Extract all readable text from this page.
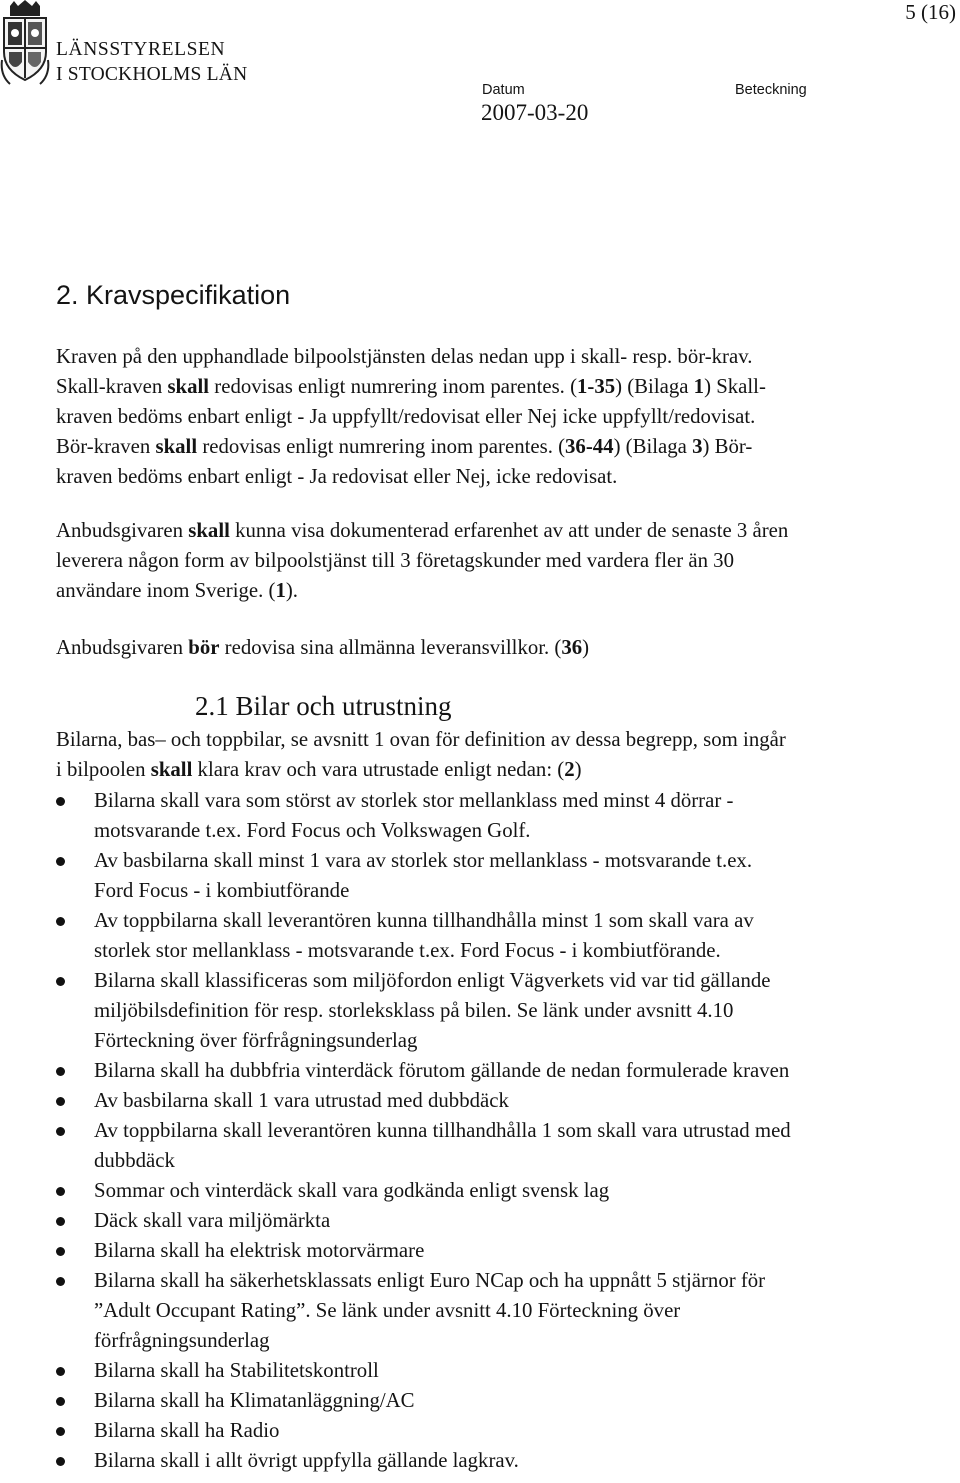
5 (16)
LÄNSSTYRELSEN
I STOCKHOLMS LÄN
Datum	Beteckning
2007-03-20
2. Kravspecifikation
Kraven på den upphandlade bilpoolstjänsten delas nedan upp i skall- resp. bör-krav.
Skall-kraven skall redovisas enligt numrering inom parentes. (1-35) (Bilaga 1) Skall-
kraven bedöms enbart enligt - Ja uppfyllt/redovisat eller Nej icke uppfyllt/redovisat.
Bör-kraven skall redovisas enligt numrering inom parentes. (36-44) (Bilaga 3) Bör-
kraven bedöms enbart enligt - Ja redovisat eller Nej, icke redovisat.
Anbudsgivaren skall kunna visa dokumenterad erfarenhet av att under de senaste 3 åren
leverera någon form av bilpoolstjänst till 3 företagskunder med vardera fler än 30
användare inom Sverige. (1).
Anbudsgivaren bör redovisa sina allmänna leveransvillkor. (36)
2.1 Bilar och utrustning
Bilarna, bas– och toppbilar, se avsnitt 1 ovan för definition av dessa begrepp, som ingår
i bilpoolen skall klara krav och vara utrustade enligt nedan: (2)
Bilarna skall vara som störst av storlek stor mellanklass med minst 4 dörrar -
motsvarande t.ex. Ford Focus och Volkswagen Golf.
Av basbilarna skall minst 1 vara av storlek stor mellanklass - motsvarande t.ex.
Ford Focus - i kombiutförande
Av toppbilarna skall leverantören kunna tillhandhålla minst 1 som skall vara av
storlek stor mellanklass - motsvarande t.ex. Ford Focus - i kombiutförande.
Bilarna skall klassificeras som miljöfordon enligt Vägverkets vid var tid gällande
miljöbilsdefinition för resp. storleksklass på bilen. Se länk under avsnitt 4.10
Förteckning över förfrågningsunderlag
Bilarna skall ha dubbfria vinterdäck förutom gällande de nedan formulerade kraven
Av basbilarna skall 1 vara utrustad med dubbdäck
Av toppbilarna skall leverantören kunna tillhandhålla 1 som skall vara utrustad med
dubbdäck
Sommar och vinterdäck skall vara godkända enligt svensk lag
Däck skall vara miljömärkta
Bilarna skall ha elektrisk motorvärmare
Bilarna skall ha säkerhetsklassats enligt Euro NCap och ha uppnått 5 stjärnor för
”Adult Occupant Rating”. Se länk under avsnitt 4.10 Förteckning över
förfrågningsunderlag
Bilarna skall ha Stabilitetskontroll
Bilarna skall ha Klimatanläggning/AC
Bilarna skall ha Radio
Bilarna skall i allt övrigt uppfylla gällande lagkrav.
